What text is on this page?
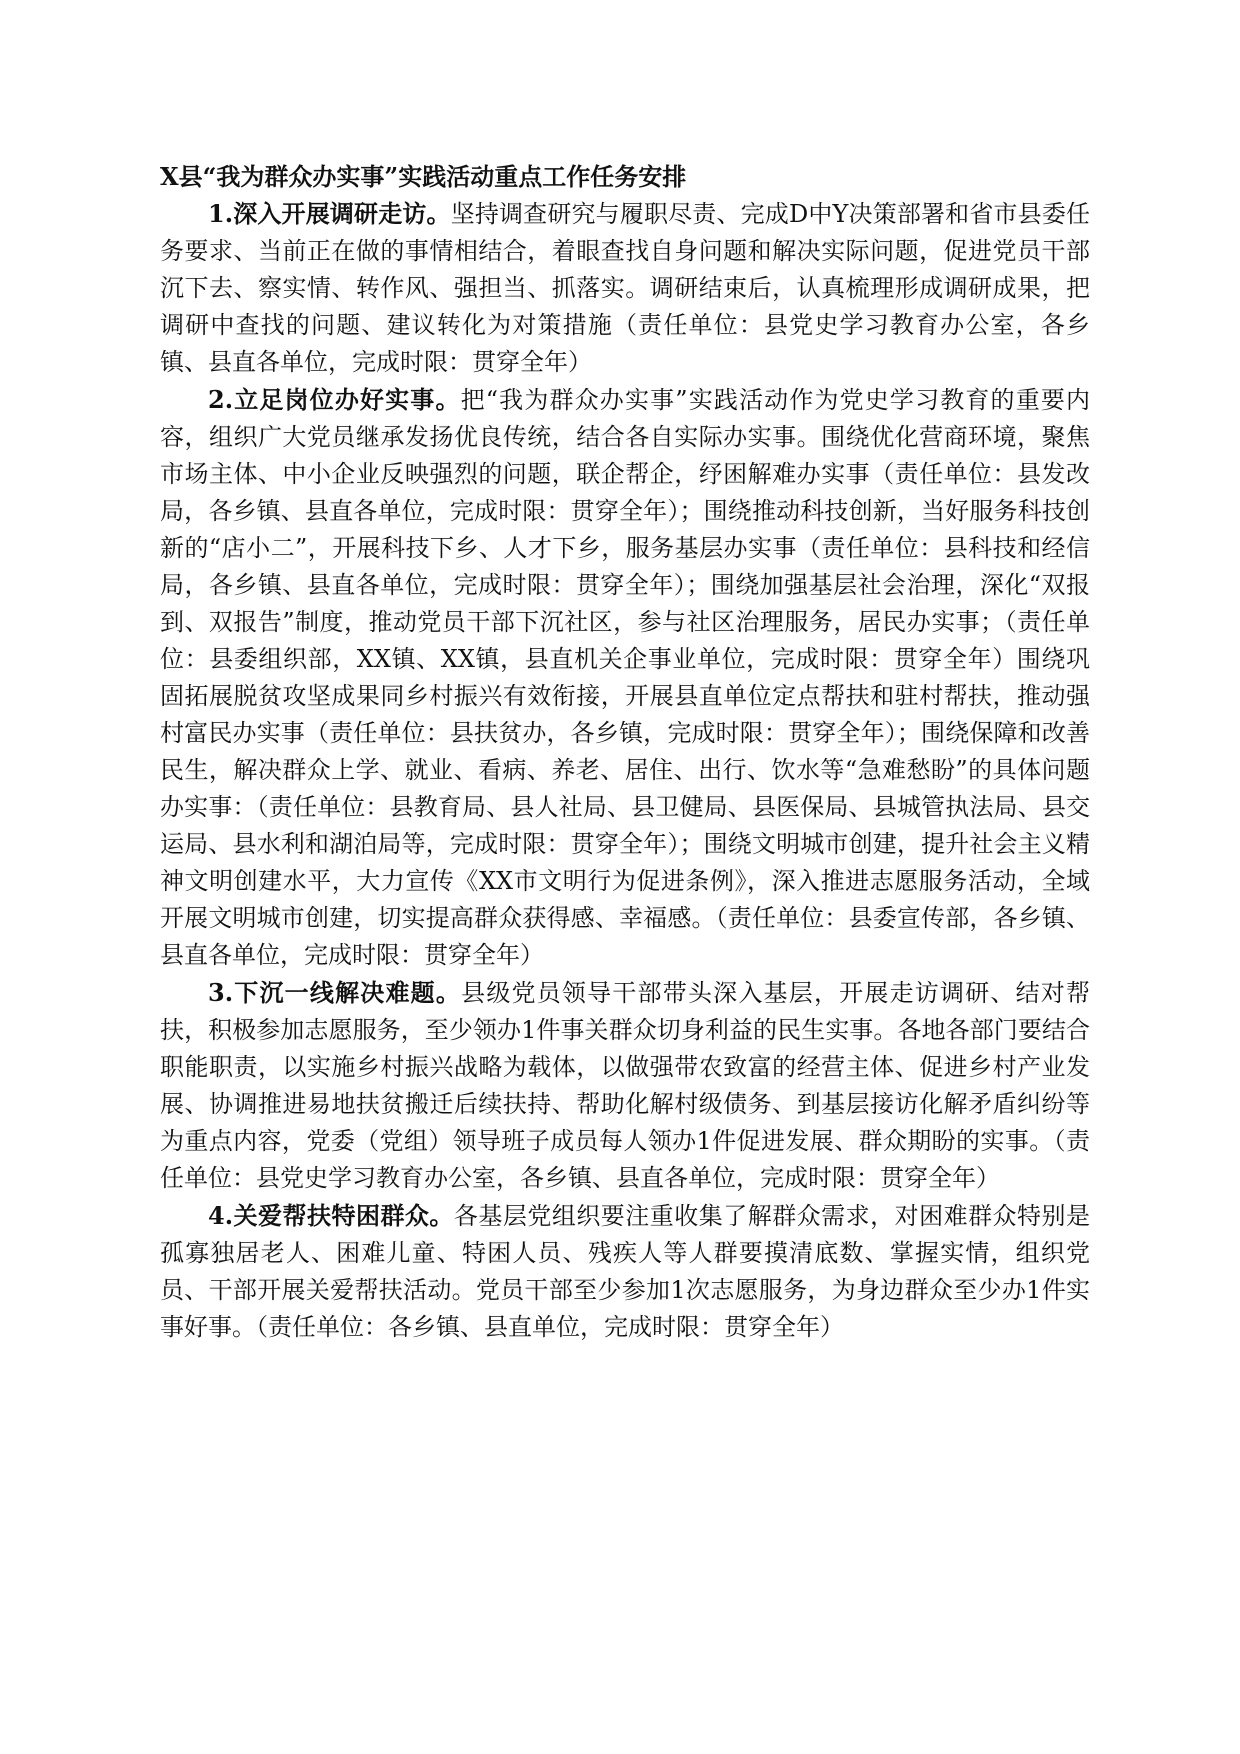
X县“我为群众办实事”实践活动重点工作任务安排

1.深入开展调研走访。坚持调查研究与履职尽责、完成D中Y决策部署和省市县委任务要求、当前正在做的事情相结合，着眼查找自身问题和解决实际问题，促进党员干部沉下去、察实情、转作风、强担当、抓落实。调研结束后，认真梳理形成调研成果，把调研中查找的问题、建议转化为对策措施（责任单位：县党史学习教育办公室，各乡镇、县直各单位，完成时限：贯穿全年）

2.立足岗位办好实事。把“我为群众办实事”实践活动作为党史学习教育的重要内容，组织广大党员继承发扬优良传统，结合各自实际办实事。围绕优化营商环境，聚焦市场主体、中小企业反映强烈的问题，联企帮企，纾困解难办实事（责任单位：县发改局，各乡镇、县直各单位，完成时限：贯穿全年）；围绕推动科技创新，当好服务科技创新的“店小二”，开展科技下乡、人才下乡，服务基层办实事（责任单位：县科技和经信局，各乡镇、县直各单位，完成时限：贯穿全年）；围绕加强基层社会治理，深化“双报到、双报告”制度，推动党员干部下沉社区，参与社区治理服务，居民办实事；（责任单位：县委组织部，XX镇、XX镇，县直机关企事业单位，完成时限：贯穿全年）围绕巩固拓展脱贫攻坚成果同乡村振兴有效衔接，开展县直单位定点帮扶和驻村帮扶，推动强村富民办实事（责任单位：县扶贫办，各乡镇，完成时限：贯穿全年）；围绕保障和改善民生，解决群众上学、就业、看病、养老、居住、出行、饮水等“急难愁盼”的具体问题办实事：（责任单位：县教育局、县人社局、县卫健局、县医保局、县城管执法局、县交运局、县水利和湖泊局等，完成时限：贯穿全年）；围绕文明城市创建，提升社会主义精神文明创建水平，大力宣传《XX市文明行为促进条例》，深入推进志愿服务活动，全域开展文明城市创建，切实提高群众获得感、幸福感。（责任单位：县委宣传部，各乡镇、县直各单位，完成时限：贯穿全年）

3.下沉一线解决难题。县级党员领导干部带头深入基层，开展走访调研、结对帮扶，积极参加志愿服务，至少领办1件事关群众切身利益的民生实事。各地各部门要结合职能职责，以实施乡村振兴战略为载体，以做强带农致富的经营主体、促进乡村产业发展、协调推进易地扶贫搬迁后续扶持、帮助化解村级债务、到基层接访化解矛盾纠纷等为重点内容，党委（党组）领导班子成员每人领办1件促进发展、群众期盼的实事。（责任单位：县党史学习教育办公室，各乡镇、县直各单位，完成时限：贯穿全年）

4.关爱帮扶特困群众。各基层党组织要注重收集了解群众需求，对困难群众特别是孤寡独居老人、困难儿童、特困人员、残疾人等人群要摸清底数、掌握实情，组织党员、干部开展关爱帮扶活动。党员干部至少参加1次志愿服务，为身边群众至少办1件实事好事。（责任单位：各乡镇、县直单位，完成时限：贯穿全年）
